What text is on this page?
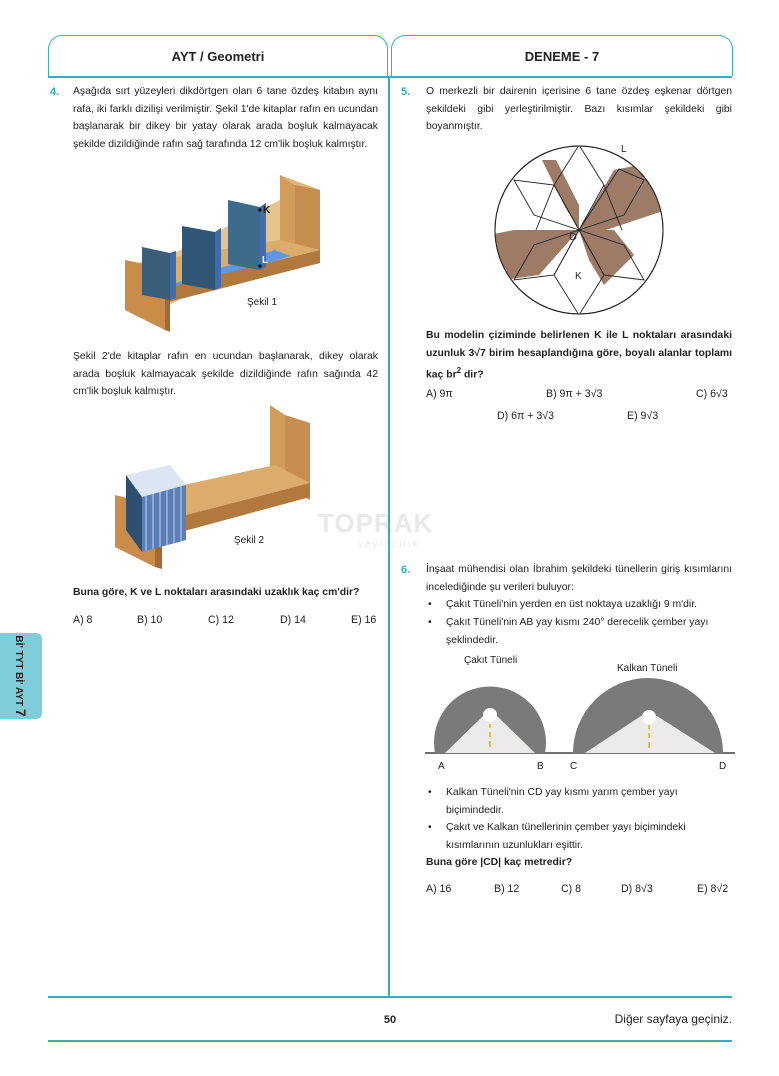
AYT / Geometri	DENEME - 7
Bİ' TYT Bİ' AYT 7
TOPRAK
yayıncılık
4. Aşağıda sırt yüzeyleri dikdörtgen olan 6 tane özdeş kitabın aynı rafa, iki farklı dizilişi verilmiştir. Şekil 1'de kitaplar rafın en ucundan başlanarak bir dikey bir yatay olarak arada boşluk kalmayacak şekilde dizildiğinde rafın sağ tarafında 12 cm'lik boşluk kalmıştır.
K
L
Şekil 1
Şekil 2'de kitaplar rafın en ucundan başlanarak, dikey olarak arada boşluk kalmayacak şekilde dizildiğinde rafın sağında 42 cm'lik boşluk kalmıştır.
Şekil 2
Buna göre, K ve L noktaları arasındaki uzaklık kaç cm'dir?
A) 8	B) 10	C) 12	D) 14	E) 16
5. O merkezli bir dairenin içerisine 6 tane özdeş eşkenar dörtgen şekildeki gibi yerleştirilmiştir. Bazı kısımlar şekildeki gibi boyanmıştır.
L
O
K
Bu modelin çiziminde belirlenen K ile L noktaları arasındaki uzunluk 3√7 birim hesaplandığına göre, boyalı alanlar toplamı kaç $br^2$ dir?
A) 9π	B) 9π + 3√3	C) 6√3
D) 6π + 3√3	E) 9√3
6. İnşaat mühendisi olan İbrahim şekildeki tünellerin giriş kısımlarını incelediğinde şu verileri buluyor:
• Çakıt Tüneli'nin yerden en üst noktaya uzaklığı 9 m'dir.
• Çakıt Tüneli'nin AB yay kısmı 240° derecelik çember yayı şeklindedir.
Çakıt Tüneli
Kalkan Tüneli
A	B	C	D
• Kalkan Tüneli'nin CD yay kısmı yarım çember yayı biçimindedir.
• Çakıt ve Kalkan tünellerinin çember yayı biçimindeki kısımlarının uzunlukları eşittir.
Buna göre |CD| kaç metredir?
A) 16	B) 12	C) 8	D) 8√3	E) 8√2
50	Diğer sayfaya geçiniz.
